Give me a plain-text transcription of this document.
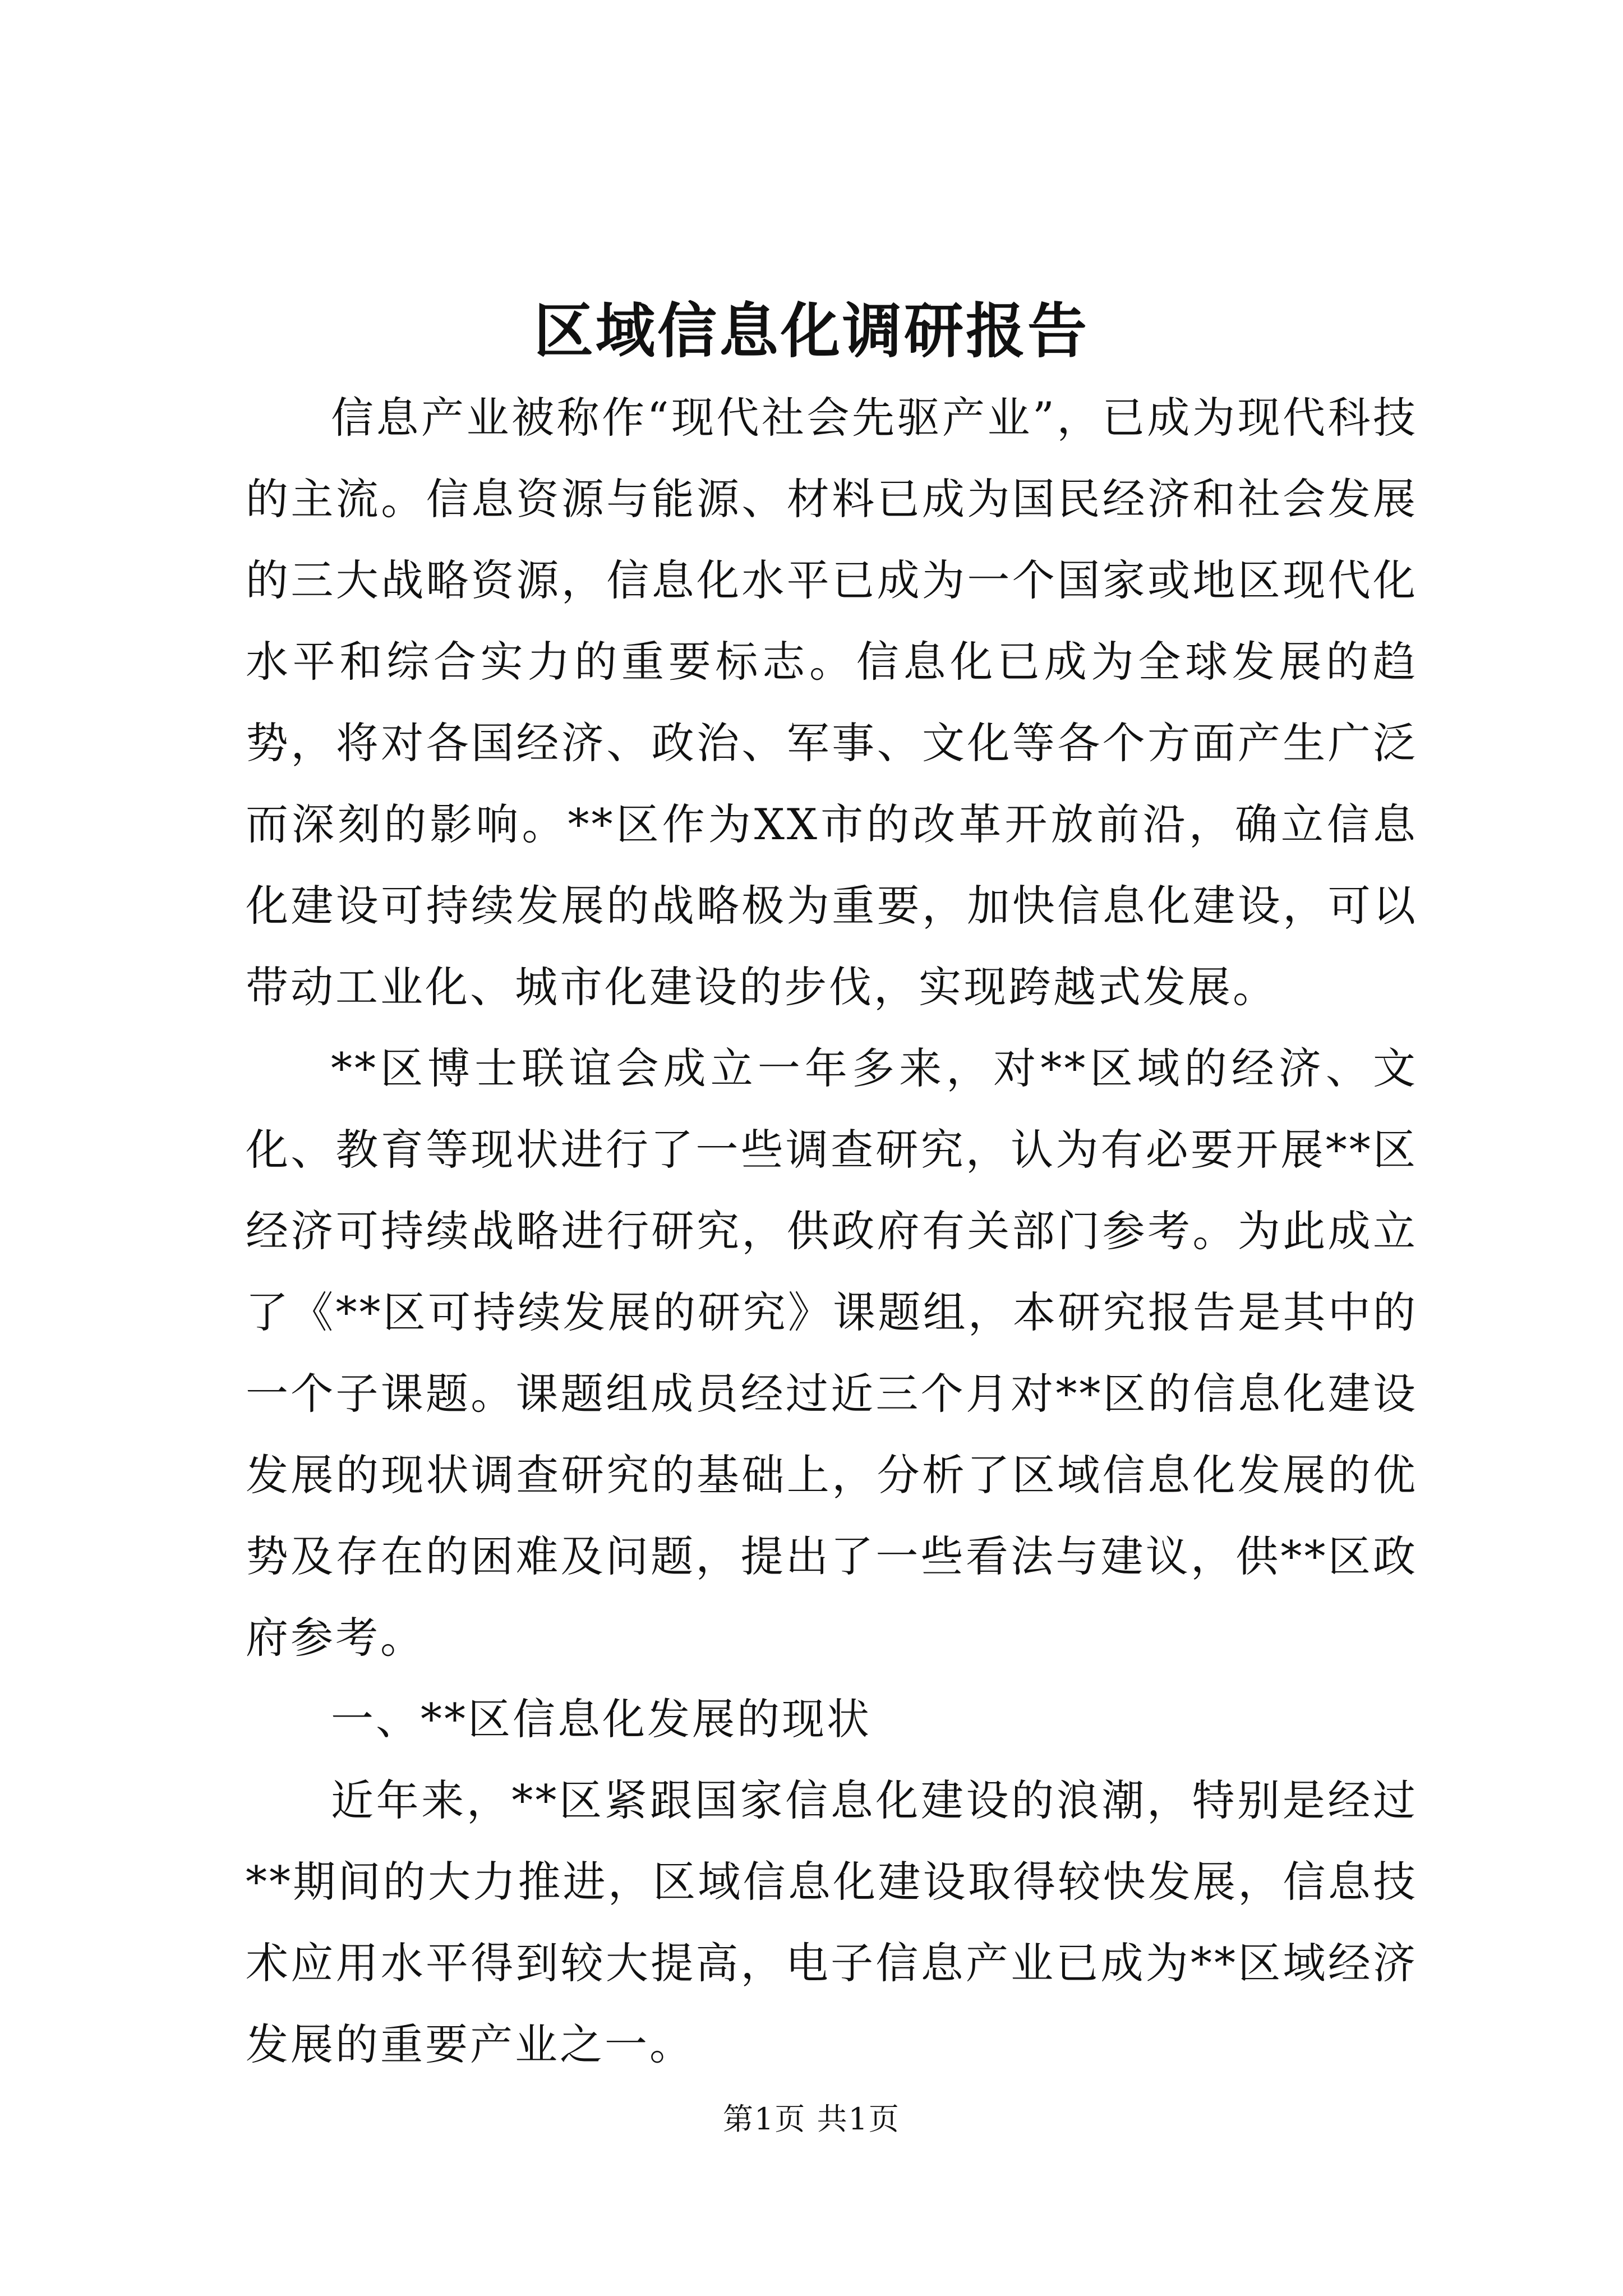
区域信息化调研报告

信息产业被称作“现代社会先驱产业”，已成为现代科技的主流。信息资源与能源、材料已成为国民经济和社会发展的三大战略资源，信息化水平已成为一个国家或地区现代化水平和综合实力的重要标志。信息化已成为全球发展的趋势，将对各国经济、政治、军事、文化等各个方面产生广泛而深刻的影响。**区作为XX市的改革开放前沿，确立信息化建设可持续发展的战略极为重要，加快信息化建设，可以带动工业化、城市化建设的步伐，实现跨越式发展。

**区博士联谊会成立一年多来，对**区域的经济、文化、教育等现状进行了一些调查研究，认为有必要开展**区经济可持续战略进行研究，供政府有关部门参考。为此成立了《**区可持续发展的研究》课题组，本研究报告是其中的一个子课题。课题组成员经过近三个月对**区的信息化建设发展的现状调查研究的基础上，分析了区域信息化发展的优势及存在的困难及问题，提出了一些看法与建议，供**区政府参考。

一、**区信息化发展的现状

近年来，**区紧跟国家信息化建设的浪潮，特别是经过**期间的大力推进，区域信息化建设取得较快发展，信息技术应用水平得到较大提高，电子信息产业已成为**区域经济发展的重要产业之一。

第1页 共1页
